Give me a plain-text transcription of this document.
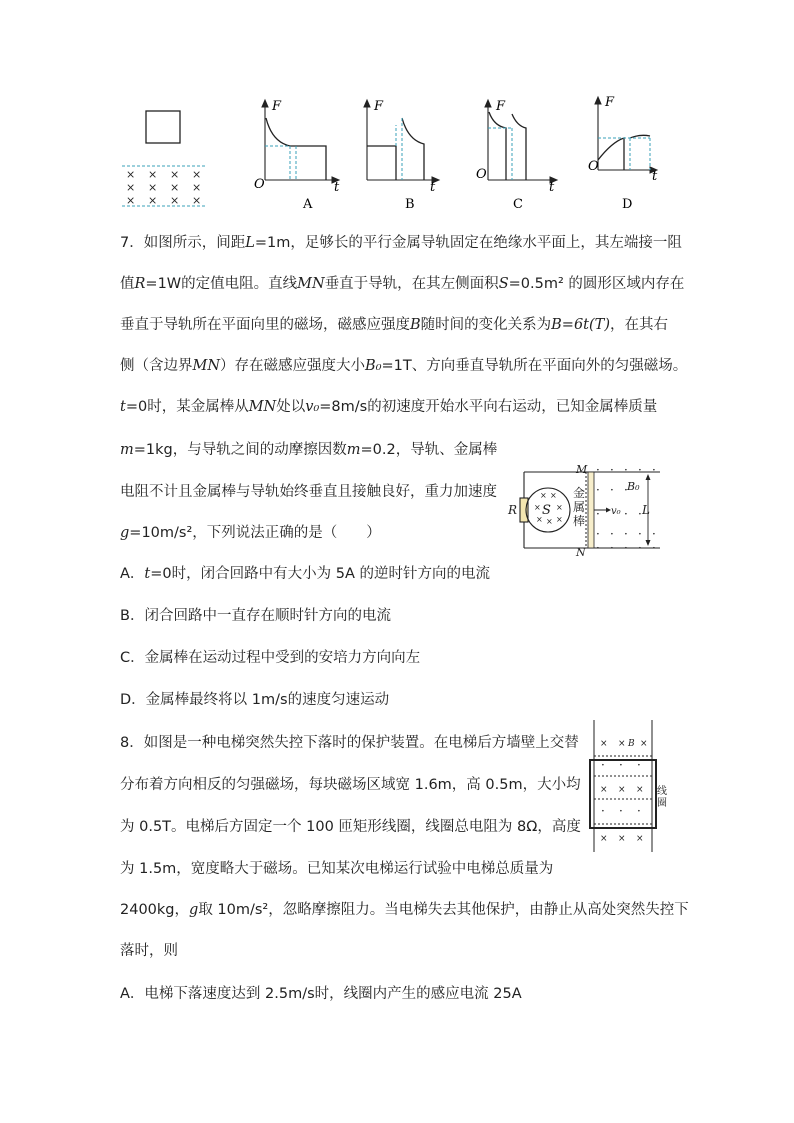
× × × ×
× × × ×
× × × ×
F
t
O
A
F
t
B
F
t
O
C
F
t
O
D
7．如图所示，间距L=1m，足够长的平行金属导轨固定在绝缘水平面上，其左端接一阻
值R=1W的定值电阻。直线MN垂直于导轨，在其左侧面积S=0.5m² 的圆形区域内存在
垂直于导轨所在平面向里的磁场，磁感应强度B随时间的变化关系为B=6t(T)，在其右
侧（含边界MN）存在磁感应强度大小B₀=1T、方向垂直导轨所在平面向外的匀强磁场。
t=0时，某金属棒从MN处以v₀=8m/s的初速度开始水平向右运动，已知金属棒质量
m=1kg，与导轨之间的动摩擦因数m=0.2，导轨、金属棒
电阻不计且金属棒与导轨始终垂直且接触良好，重力加速度
g=10m/s²，下列说法正确的是（　　）
A．t=0时，闭合回路中有大小为 5A 的逆时针方向的电流
B．闭合回路中一直存在顺时针方向的电流
C．金属棒在运动过程中受到的安培力方向向左
D．金属棒最终将以 1m/s的速度匀速运动
× ×
× ×
× × ×
S
· · · · ·
· · ·
· · ·
· · · · ·
· · · · ·
v₀ L
B₀
M
N
R
金属棒
8．如图是一种电梯突然失控下落时的保护装置。在电梯后方墙壁上交替
分布着方向相反的匀强磁场，每块磁场区域宽 1.6m，高 0.5m，大小均
为 0.5T。电梯后方固定一个 100 匝矩形线圈，线圈总电阻为 8Ω，高度
为 1.5m，宽度略大于磁场。已知某次电梯运行试验中电梯总质量为
2400kg，g取 10m/s²，忽略摩擦阻力。当电梯失去其他保护，由静止从高处突然失控下
落时，则
A．电梯下落速度达到 2.5m/s时，线圈内产生的感应电流 25A
× × B ×
× × ×
× × ×
· · ·
· · ·
线圈
